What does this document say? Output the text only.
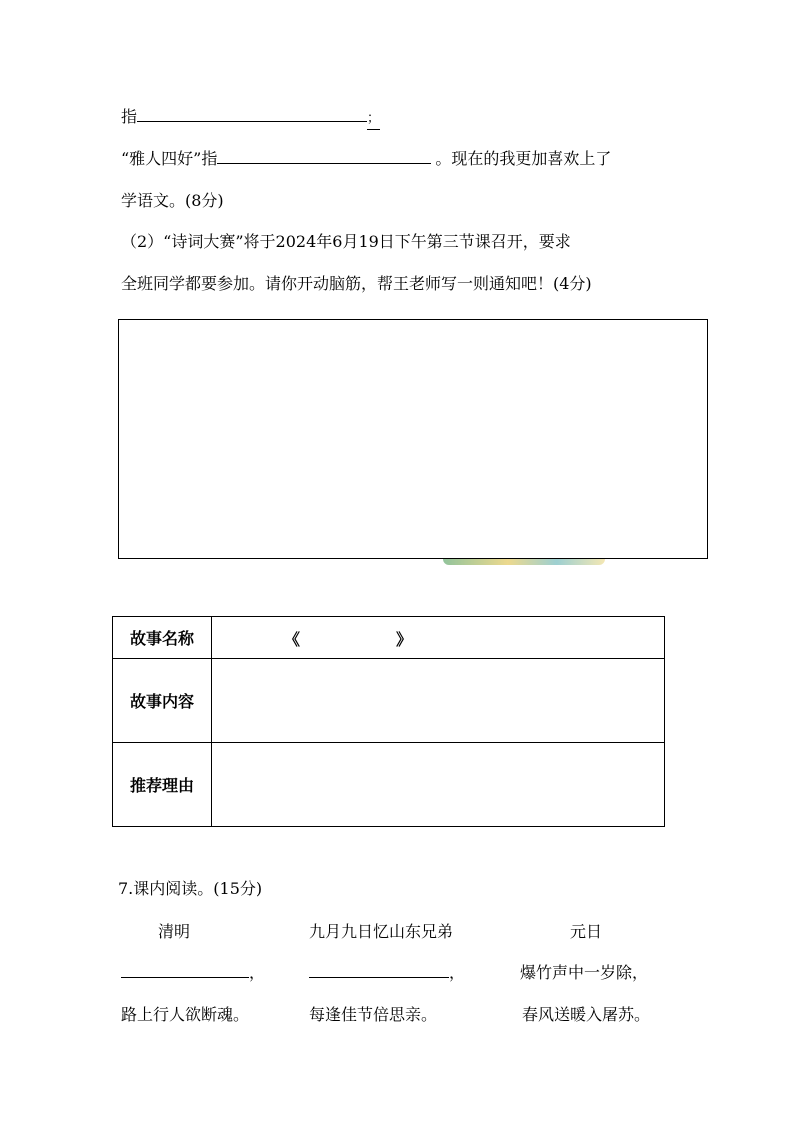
指	；
“雅人四好”指	。现在的我更加喜欢上了
学语文。(8分)
（2）“诗词大赛”将于2024年6月19日下午第三节课召开，要求
全班同学都要参加。请你开动脑筋，帮王老师写一则通知吧！(4分)
故事名称	《 》

故事内容	
推荐理由	
7.课内阅读。(15分)
清明	九月九日忆山东兄弟	元日
，	，	爆竹声中一岁除，
路上行人欲断魂。	每逢佳节倍思亲。	春风送暖入屠苏。
